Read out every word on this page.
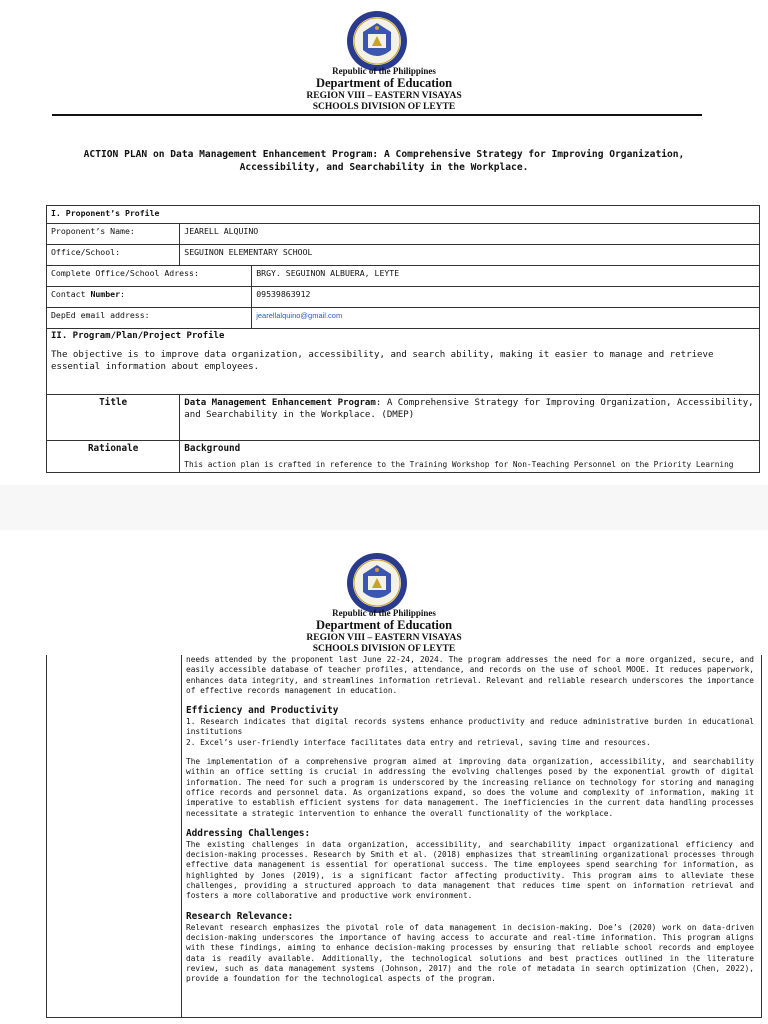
Republic of the Philippines
Department of Education
REGION VIII – EASTERN VISAYAS
SCHOOLS DIVISION OF LEYTE
ACTION PLAN on Data Management Enhancement Program: A Comprehensive Strategy for Improving Organization,
Accessibility, and Searchability in the Workplace.
I. Proponent’s Profile		
Proponent’s Name:	JEARELL ALQUINO	
Office/School:	SEGUINON ELEMENTARY SCHOOL	
Complete Office/School Adress:		BRGY. SEGUINON ALBUERA, LEYTE
Contact Number:		09539863912
DepEd email address:		jearellalquino@gmail.com

II. Program/Plan/Project Profile
The objective is to improve data organization, accessibility, and search ability, making it easier to manage and retrieve essential information about employees.		

Title	Data Management Enhancement Program: A Comprehensive Strategy for Improving Organization, Accessibility, and Searchability in the Workplace. (DMEP)	
Rationale	Background
This action plan is crafted in reference to the Training Workshop for Non-Teaching Personnel on the Priority Learning	
Republic of the Philippines
Department of Education
REGION VIII – EASTERN VISAYAS
SCHOOLS DIVISION OF LEYTE

needs attended by the proponent last June 22-24, 2024. The program addresses the need for a more organized, secure, and easily accessible database of teacher profiles, attendance, and records on the use of school MOOE. It reduces paperwork, enhances data integrity, and streamlines information retrieval. Relevant and reliable research underscores the importance of effective records management in education.

Efficiency and Productivity
1. Research indicates that digital records systems enhance productivity and reduce administrative burden in educational institutions

2. Excel’s user-friendly interface facilitates data entry and retrieval, saving time and resources.

The implementation of a comprehensive program aimed at improving data organization, accessibility, and searchability within an office setting is crucial in addressing the evolving challenges posed by the exponential growth of digital information. The need for such a program is underscored by the increasing reliance on technology for storing and managing office records and personnel data. As organizations expand, so does the volume and complexity of information, making it imperative to establish efficient systems for data management. The inefficiencies in the current data handling processes necessitate a strategic intervention to enhance the overall functionality of the workplace.

Addressing Challenges:

The existing challenges in data organization, accessibility, and searchability impact organizational efficiency and decision-making processes. Research by Smith et al. (2018) emphasizes that streamlining organizational processes through effective data management is essential for operational success. The time employees spend searching for information, as highlighted by Jones (2019), is a significant factor affecting productivity. This program aims to alleviate these challenges, providing a structured approach to data management that reduces time spent on information retrieval and fosters a more collaborative and productive work environment.

Research Relevance:

Relevant research emphasizes the pivotal role of data management in decision-making. Doe’s (2020) work on data-driven decision-making underscores the importance of having access to accurate and real-time information. This program aligns with these findings, aiming to enhance decision-making processes by ensuring that reliable school records and employee data is readily available. Additionally, the technological solutions and best practices outlined in the literature review, such as data management systems (Johnson, 2017) and the role of metadata in search optimization (Chen, 2022), provide a foundation for the technological aspects of the program.
